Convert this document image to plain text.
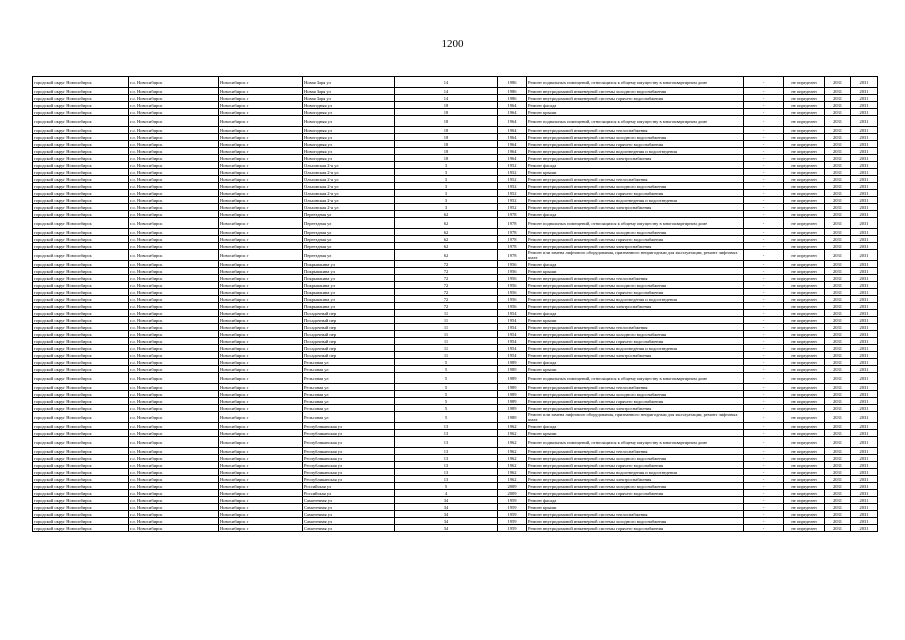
1200
городской округ Новосибирск	г.о. Новосибирск	Новосибирск г	Новая Заря ул	14	1986	Ремонт подвальных помещений, относящихся к общему имуществу в многоквартирном доме	-	не определен	2031	2031
городской округ Новосибирск	г.о. Новосибирск	Новосибирск г	Новая Заря ул	14	1986	Ремонт внутридомовой инженерной системы холодного водоснабжения	-	не определен	2031	2031
городской округ Новосибирск	г.о. Новосибирск	Новосибирск г	Новая Заря ул	14	1986	Ремонт внутридомовой инженерной системы горячего водоснабжения	-	не определен	2031	2031
городской округ Новосибирск	г.о. Новосибирск	Новосибирск г	Новогодняя ул	18	1964	Ремонт фасада	-	не определен	2031	2031
городской округ Новосибирск	г.о. Новосибирск	Новосибирск г	Новогодняя ул	18	1964	Ремонт крыши	-	не определен	2031	2031
городской округ Новосибирск	г.о. Новосибирск	Новосибирск г	Новогодняя ул	18	1964	Ремонт подвальных помещений, относящихся к общему имуществу в многоквартирном доме	-	не определен	2031	2031
городской округ Новосибирск	г.о. Новосибирск	Новосибирск г	Новогодняя ул	18	1964	Ремонт внутридомовой инженерной системы теплоснабжения	-	не определен	2031	2031
городской округ Новосибирск	г.о. Новосибирск	Новосибирск г	Новогодняя ул	18	1964	Ремонт внутридомовой инженерной системы холодного водоснабжения	-	не определен	2031	2031
городской округ Новосибирск	г.о. Новосибирск	Новосибирск г	Новогодняя ул	18	1964	Ремонт внутридомовой инженерной системы горячего водоснабжения	-	не определен	2031	2031
городской округ Новосибирск	г.о. Новосибирск	Новосибирск г	Новогодняя ул	18	1964	Ремонт внутридомовой инженерной системы водоотведения и водоотведения	-	не определен	2031	2031
городской округ Новосибирск	г.о. Новосибирск	Новосибирск г	Новогодняя ул	18	1964	Ремонт внутридомовой инженерной системы электроснабжения	-	не определен	2031	2031
городской округ Новосибирск	г.о. Новосибирск	Новосибирск г	Ольховская 2-я ул	3	1952	Ремонт фасада	-	не определен	2031	2031
городской округ Новосибирск	г.о. Новосибирск	Новосибирск г	Ольховская 2-я ул	3	1952	Ремонт крыши	-	не определен	2031	2031
городской округ Новосибирск	г.о. Новосибирск	Новосибирск г	Ольховская 2-я ул	3	1952	Ремонт внутридомовой инженерной системы теплоснабжения	-	не определен	2031	2031
городской округ Новосибирск	г.о. Новосибирск	Новосибирск г	Ольховская 2-я ул	3	1952	Ремонт внутридомовой инженерной системы холодного водоснабжения	-	не определен	2031	2031
городской округ Новосибирск	г.о. Новосибирск	Новосибирск г	Ольховская 2-я ул	3	1952	Ремонт внутридомовой инженерной системы горячего водоснабжения	-	не определен	2031	2031
городской округ Новосибирск	г.о. Новосибирск	Новосибирск г	Ольховская 2-я ул	3	1952	Ремонт внутридомовой инженерной системы водоотведения и водоотведения	-	не определен	2031	2031
городской округ Новосибирск	г.о. Новосибирск	Новосибирск г	Ольховская 2-я ул	3	1952	Ремонт внутридомовой инженерной системы электроснабжения	-	не определен	2031	2031
городской округ Новосибирск	г.о. Новосибирск	Новосибирск г	Переездная ул	62	1978	Ремонт фасада	-	не определен	2031	2031
городской округ Новосибирск	г.о. Новосибирск	Новосибирск г	Переездная ул	62	1978	Ремонт подвальных помещений, относящихся к общему имуществу в многоквартирном доме	-	не определен	2031	2031
городской округ Новосибирск	г.о. Новосибирск	Новосибирск г	Переездная ул	62	1978	Ремонт внутридомовой инженерной системы холодного водоснабжения	-	не определен	2031	2031
городской округ Новосибирск	г.о. Новосибирск	Новосибирск г	Переездная ул	62	1978	Ремонт внутридомовой инженерной системы горячего водоснабжения	-	не определен	2031	2031
городской округ Новосибирск	г.о. Новосибирск	Новосибирск г	Переездная ул	62	1978	Ремонт внутридомовой инженерной системы электроснабжения	-	не определен	2031	2031
городской округ Новосибирск	г.о. Новосибирск	Новосибирск г	Переездная ул	62	1978	Ремонт или замена лифтового оборудования, признанного непригодным для эксплуатации, ремонт лифтовых шахт	-	не определен	2031	2031
городской округ Новосибирск	г.о. Новосибирск	Новосибирск г	Покрышкина ул	72	1956	Ремонт фасада	-	не определен	2031	2031
городской округ Новосибирск	г.о. Новосибирск	Новосибирск г	Покрышкина ул	72	1956	Ремонт крыши	-	не определен	2031	2031
городской округ Новосибирск	г.о. Новосибирск	Новосибирск г	Покрышкина ул	72	1956	Ремонт внутридомовой инженерной системы теплоснабжения	-	не определен	2031	2031
городской округ Новосибирск	г.о. Новосибирск	Новосибирск г	Покрышкина ул	72	1956	Ремонт внутридомовой инженерной системы холодного водоснабжения	-	не определен	2031	2031
городской округ Новосибирск	г.о. Новосибирск	Новосибирск г	Покрышкина ул	72	1956	Ремонт внутридомовой инженерной системы горячего водоснабжения	-	не определен	2031	2031
городской округ Новосибирск	г.о. Новосибирск	Новосибирск г	Покрышкина ул	72	1956	Ремонт внутридомовой инженерной системы водоотведения и водоотведения	-	не определен	2031	2031
городской округ Новосибирск	г.о. Новосибирск	Новосибирск г	Покрышкина ул	72	1956	Ремонт внутридомовой инженерной системы электроснабжения	-	не определен	2031	2031
городской округ Новосибирск	г.о. Новосибирск	Новосибирск г	Посадочный пер	11	1954	Ремонт фасада	-	не определен	2031	2031
городской округ Новосибирск	г.о. Новосибирск	Новосибирск г	Посадочный пер	11	1954	Ремонт крыши	-	не определен	2031	2031
городской округ Новосибирск	г.о. Новосибирск	Новосибирск г	Посадочный пер	11	1954	Ремонт внутридомовой инженерной системы теплоснабжения	-	не определен	2031	2031
городской округ Новосибирск	г.о. Новосибирск	Новосибирск г	Посадочный пер	11	1954	Ремонт внутридомовой инженерной системы холодного водоснабжения	-	не определен	2031	2031
городской округ Новосибирск	г.о. Новосибирск	Новосибирск г	Посадочный пер	11	1954	Ремонт внутридомовой инженерной системы горячего водоснабжения	-	не определен	2031	2031
городской округ Новосибирск	г.о. Новосибирск	Новосибирск г	Посадочный пер	11	1954	Ремонт внутридомовой инженерной системы водоотведения и водоотведения	-	не определен	2031	2031
городской округ Новосибирск	г.о. Новосибирск	Новосибирск г	Посадочный пер	11	1954	Ремонт внутридомовой инженерной системы электроснабжения	-	не определен	2031	2031
городской округ Новосибирск	г.о. Новосибирск	Новосибирск г	Рельсовая ул	5	1989	Ремонт фасада	-	не определен	2031	2031
городской округ Новосибирск	г.о. Новосибирск	Новосибирск г	Рельсовая ул	5	1989	Ремонт крыши	-	не определен	2031	2031
городской округ Новосибирск	г.о. Новосибирск	Новосибирск г	Рельсовая ул	5	1989	Ремонт подвальных помещений, относящихся к общему имуществу в многоквартирном доме	-	не определен	2031	2031
городской округ Новосибирск	г.о. Новосибирск	Новосибирск г	Рельсовая ул	5	1989	Ремонт внутридомовой инженерной системы теплоснабжения	-	не определен	2031	2031
городской округ Новосибирск	г.о. Новосибирск	Новосибирск г	Рельсовая ул	5	1989	Ремонт внутридомовой инженерной системы холодного водоснабжения	-	не определен	2031	2031
городской округ Новосибирск	г.о. Новосибирск	Новосибирск г	Рельсовая ул	5	1989	Ремонт внутридомовой инженерной системы горячего водоснабжения	-	не определен	2031	2031
городской округ Новосибирск	г.о. Новосибирск	Новосибирск г	Рельсовая ул	5	1989	Ремонт внутридомовой инженерной системы электроснабжения	-	не определен	2031	2031
городской округ Новосибирск	г.о. Новосибирск	Новосибирск г	Рельсовая ул	5	1989	Ремонт или замена лифтового оборудования, признанного непригодным для эксплуатации, ремонт лифтовых шахт	-	не определен	2031	2031
городской округ Новосибирск	г.о. Новосибирск	Новосибирск г	Республиканская ул	13	1962	Ремонт фасада	-	не определен	2031	2031
городской округ Новосибирск	г.о. Новосибирск	Новосибирск г	Республиканская ул	13	1962	Ремонт крыши	-	не определен	2031	2031
городской округ Новосибирск	г.о. Новосибирск	Новосибирск г	Республиканская ул	13	1962	Ремонт подвальных помещений, относящихся к общему имуществу в многоквартирном доме	-	не определен	2031	2031
городской округ Новосибирск	г.о. Новосибирск	Новосибирск г	Республиканская ул	13	1962	Ремонт внутридомовой инженерной системы теплоснабжения	-	не определен	2031	2031
городской округ Новосибирск	г.о. Новосибирск	Новосибирск г	Республиканская ул	13	1962	Ремонт внутридомовой инженерной системы холодного водоснабжения	-	не определен	2031	2031
городской округ Новосибирск	г.о. Новосибирск	Новосибирск г	Республиканская ул	13	1962	Ремонт внутридомовой инженерной системы горячего водоснабжения	-	не определен	2031	2031
городской округ Новосибирск	г.о. Новосибирск	Новосибирск г	Республиканская ул	13	1962	Ремонт внутридомовой инженерной системы водоотведения и водоотведения	-	не определен	2031	2031
городской округ Новосибирск	г.о. Новосибирск	Новосибирск г	Республиканская ул	13	1962	Ремонт внутридомовой инженерной системы электроснабжения	-	не определен	2031	2031
городской округ Новосибирск	г.о. Новосибирск	Новосибирск г	Российская ул	5	2009	Ремонт внутридомовой инженерной системы холодного водоснабжения	-	не определен	2031	2031
городской округ Новосибирск	г.о. Новосибирск	Новосибирск г	Российская ул	4	2009	Ремонт внутридомовой инженерной системы горячего водоснабжения	-	не определен	2031	2031
городской округ Новосибирск	г.о. Новосибирск	Новосибирск г	Самотечная ул	34	1959	Ремонт фасада	-	не определен	2031	2031
городской округ Новосибирск	г.о. Новосибирск	Новосибирск г	Самотечная ул	34	1959	Ремонт крыши	-	не определен	2031	2031
городской округ Новосибирск	г.о. Новосибирск	Новосибирск г	Самотечная ул	34	1959	Ремонт внутридомовой инженерной системы теплоснабжения	-	не определен	2031	2031
городской округ Новосибирск	г.о. Новосибирск	Новосибирск г	Самотечная ул	34	1959	Ремонт внутридомовой инженерной системы холодного водоснабжения	-	не определен	2031	2031
городской округ Новосибирск	г.о. Новосибирск	Новосибирск г	Самотечная ул	34	1959	Ремонт внутридомовой инженерной системы горячего водоснабжения	-	не определен	2031	2031
